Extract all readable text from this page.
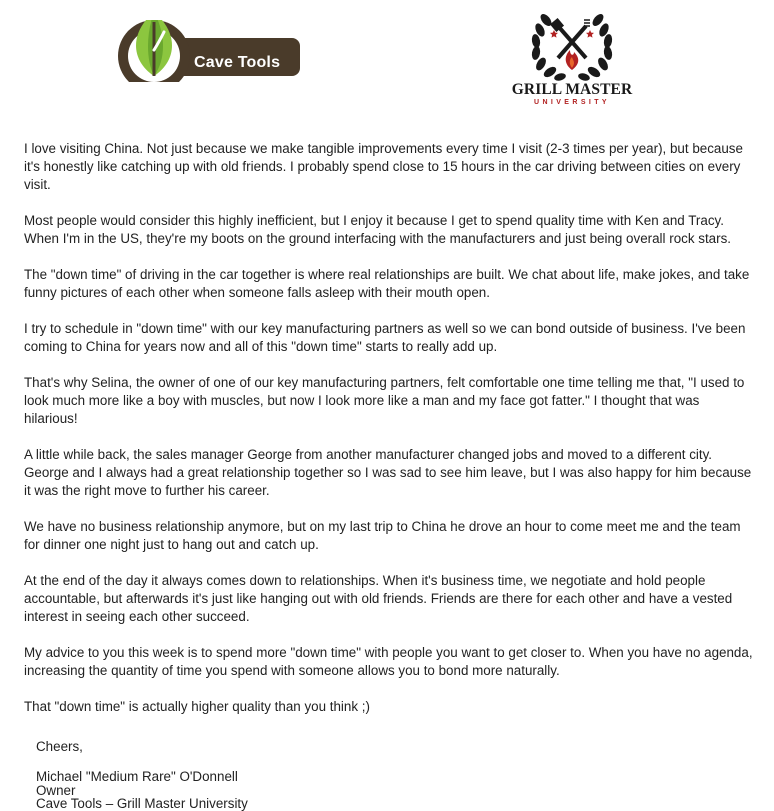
Cave Tools
GRILL MASTER
UNIVERSITY

I love visiting China. Not just because we make tangible improvements every time I visit (2-3 times per year), but because it's honestly like catching up with old friends. I probably spend close to 15 hours in the car driving between cities on every visit.

Most people would consider this highly inefficient, but I enjoy it because I get to spend quality time with Ken and Tracy. When I'm in the US, they're my boots on the ground interfacing with the manufacturers and just being overall rock stars.

The "down time" of driving in the car together is where real relationships are built. We chat about life, make jokes, and take funny pictures of each other when someone falls asleep with their mouth open.

I try to schedule in "down time" with our key manufacturing partners as well so we can bond outside of business. I've been coming to China for years now and all of this "down time" starts to really add up.

That's why Selina, the owner of one of our key manufacturing partners, felt comfortable one time telling me that, "I used to look much more like a boy with muscles, but now I look more like a man and my face got fatter." I thought that was hilarious!

A little while back, the sales manager George from another manufacturer changed jobs and moved to a different city. George and I always had a great relationship together so I was sad to see him leave, but I was also happy for him because it was the right move to further his career.

We have no business relationship anymore, but on my last trip to China he drove an hour to come meet me and the team for dinner one night just to hang out and catch up.

At the end of the day it always comes down to relationships. When it's business time, we negotiate and hold people accountable, but afterwards it's just like hanging out with old friends. Friends are there for each other and have a vested interest in seeing each other succeed.

My advice to you this week is to spend more "down time" with people you want to get closer to. When you have no agenda, increasing the quantity of time you spend with someone allows you to bond more naturally.

That "down time" is actually higher quality than you think ;)

Cheers,
Michael "Medium Rare" O'Donnell
Owner
Cave Tools – Grill Master University
